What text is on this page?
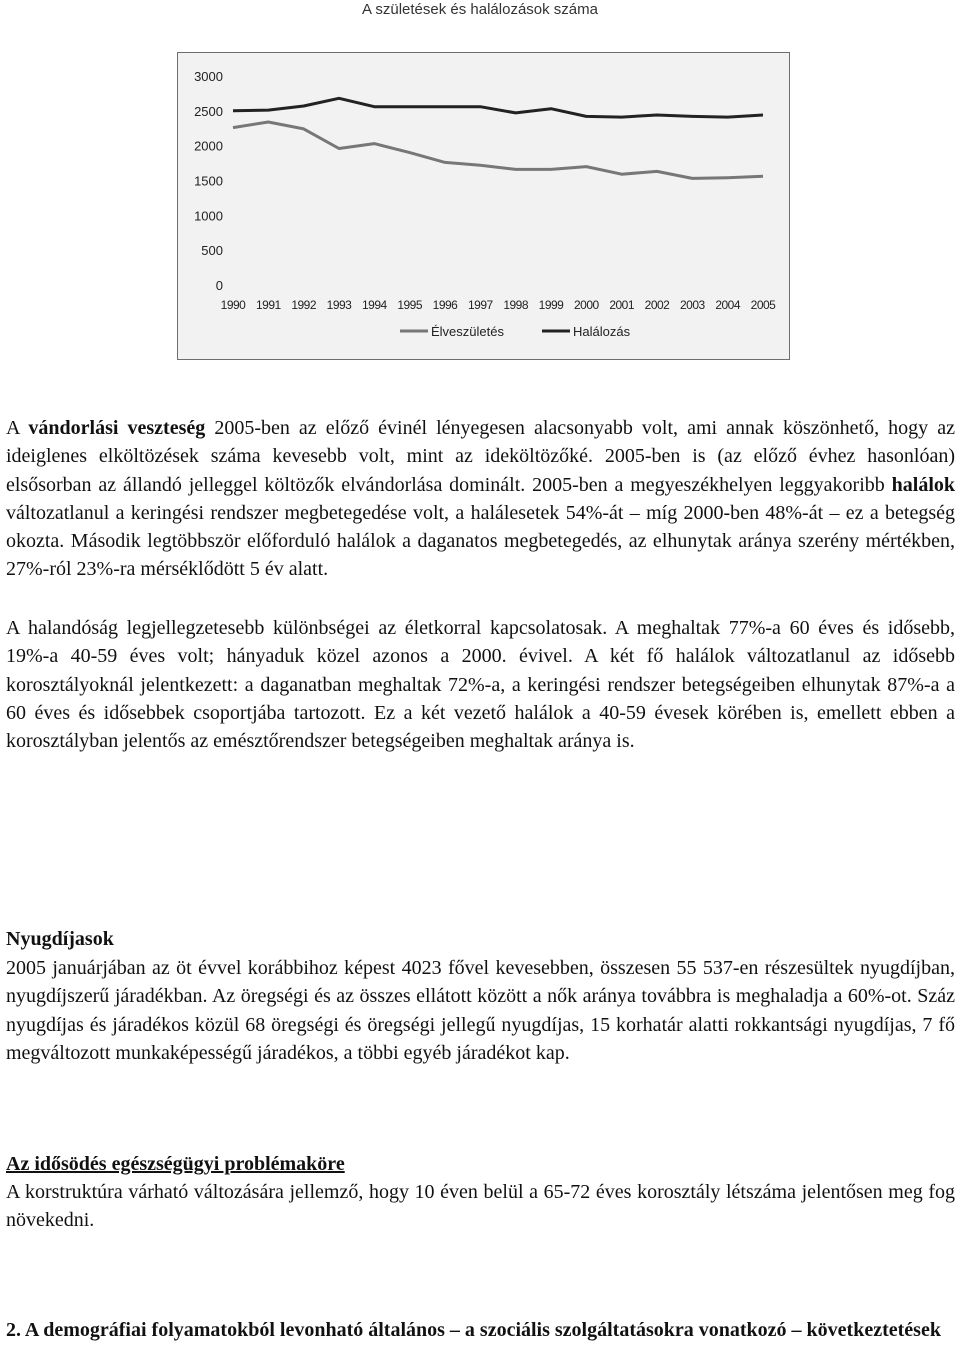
A születések és halálozások száma
0
500
1000
1500
2000
2500
3000
1990 1991 1992 1993 1994 1995 1996 1997 1998 1999 2000 2001 2002 2003 2004 2005
Élveszületés	Halálozás

A vándorlási veszteség 2005-ben az előző évinél lényegesen alacsonyabb volt, ami annak köszönhető, hogy az ideiglenes elköltözések száma kevesebb volt, mint az ideköltözőké. 2005-ben is (az előző évhez hasonlóan) elsősorban az állandó jelleggel költözők elvándorlása dominált. 2005-ben a megyeszékhelyen leggyakoribb halálok változatlanul a keringési rendszer megbetegedése volt, a halálesetek 54%-át – míg 2000-ben 48%-át – ez a betegség okozta. Második legtöbbször előforduló halálok a daganatos megbetegedés, az elhunytak aránya szerény mértékben, 27%-ról 23%-ra mérséklődött 5 év alatt.

A halandóság legjellegzetesebb különbségei az életkorral kapcsolatosak. A meghaltak 77%-a 60 éves és idősebb, 19%-a 40-59 éves volt; hányaduk közel azonos a 2000. évivel. A két fő halálok változatlanul az idősebb korosztályoknál jelentkezett: a daganatban meghaltak 72%-a, a keringési rendszer betegségeiben elhunytak 87%-a a 60 éves és idősebbek csoportjába tartozott. Ez a két vezető halálok a 40-59 évesek körében is, emellett ebben a korosztályban jelentős az emésztőrendszer betegségeiben meghaltak aránya is.

Nyugdíjasok

2005 januárjában az öt évvel korábbihoz képest 4023 fővel kevesebben, összesen 55 537-en részesültek nyugdíjban, nyugdíjszerű járadékban. Az öregségi és az összes ellátott között a nők aránya továbbra is meghaladja a 60%-ot. Száz nyugdíjas és járadékos közül 68 öregségi és öregségi jellegű nyugdíjas, 15 korhatár alatti rokkantsági nyugdíjas, 7 fő megváltozott munkaképességű járadékos, a többi egyéb járadékot kap.

Az idősödés egészségügyi problémaköre

A korstruktúra várható változására jellemző, hogy 10 éven belül a 65-72 éves korosztály létszáma jelentősen meg fog növekedni.

2. A demográfiai folyamatokból levonható általános – a szociális szolgáltatásokra vonatkozó – következtetések
